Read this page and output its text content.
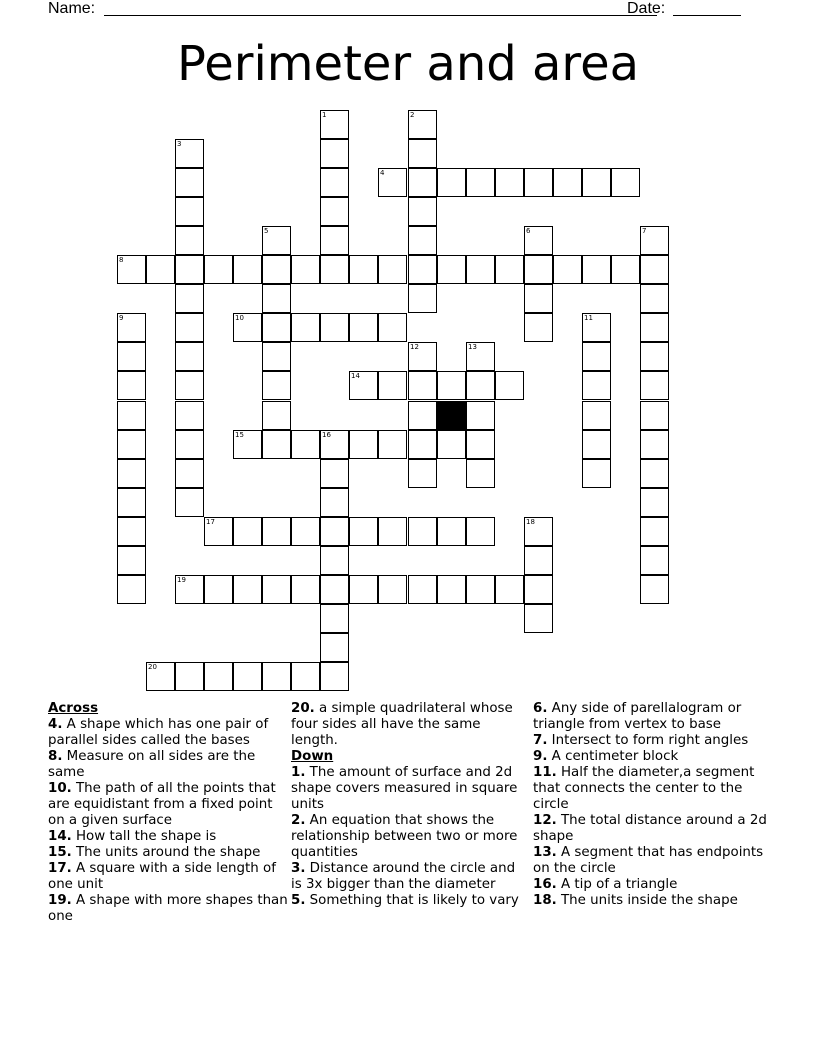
Name:	Date:
Perimeter and area
1	2
3
4
5	6	7
8
9	10	11
12	13
14
15	16
17	18
19
20
Across
4. A shape which has one pair of parallel sides called the bases
8. Measure on all sides are the same
10. The path of all the points that are equidistant from a fixed point on a given surface
14. How tall the shape is
15. The units around the shape
17. A square with a side length of one unit
19. A shape with more shapes than one
20. a simple quadrilateral whose four sides all have the same length.
Down
1. The amount of surface and 2d shape covers measured in square units
2. An equation that shows the relationship between two or more quantities
3. Distance around the circle and is 3x bigger than the diameter
5. Something that is likely to vary
6. Any side of parellalogram or triangle from vertex to base
7. Intersect to form right angles
9. A centimeter block
11. Half the diameter,a segment that connects the center to the circle
12. The total distance around a 2d shape
13. A segment that has endpoints on the circle
16. A tip of a triangle
18. The units inside the shape
